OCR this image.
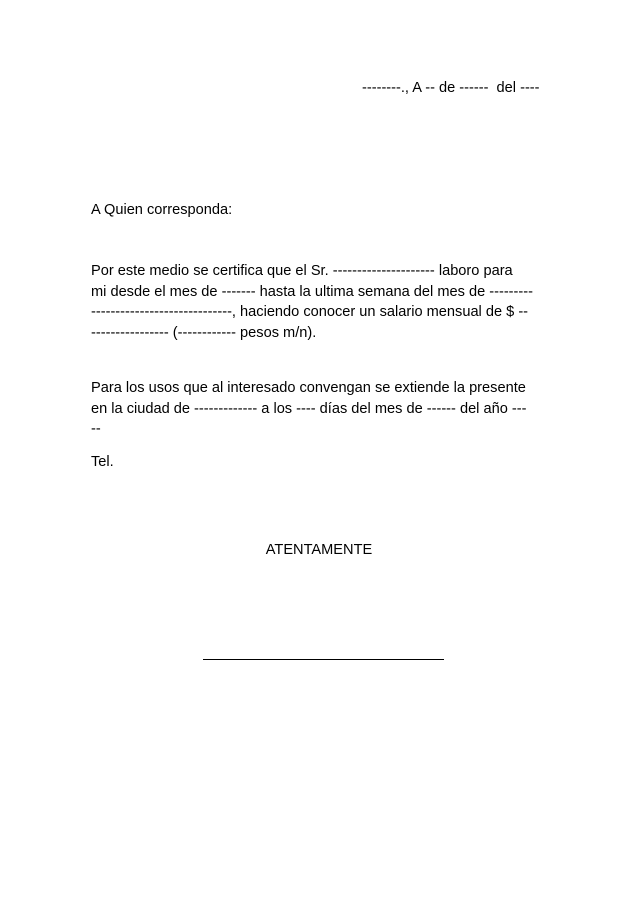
--------., A -- de ------  del ----
A Quien corresponda:
Por este medio se certifica que el Sr. --------------------- laboro para
mi desde el mes de ------- hasta la ultima semana del mes de ---------
-----------------------------, haciendo conocer un salario mensual de $ --
---------------- (------------ pesos m/n).
Para los usos que al interesado convengan se extiende la presente
en la ciudad de ------------- a los ---- días del mes de ------ del año ---
--
Tel.
ATENTAMENTE
